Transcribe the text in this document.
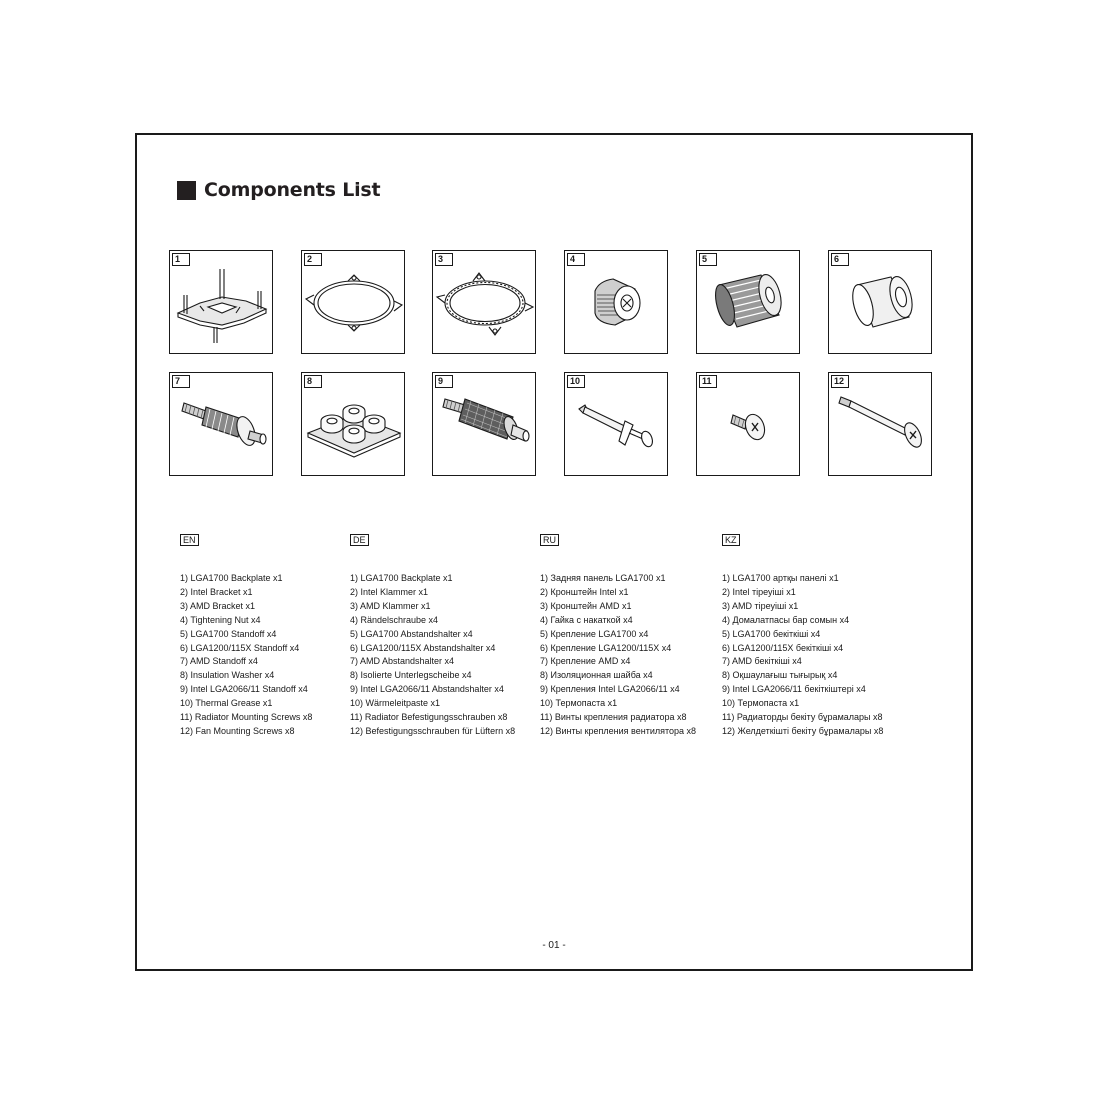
Components List
1	2	3	4	5	6
7	8	9	10	11	12
EN
1) LGA1700 Backplate x1
2) Intel Bracket x1
3) AMD Bracket x1
4) Tightening Nut x4
5) LGA1700 Standoff x4
6) LGA1200/115X Standoff x4
7) AMD Standoff x4
8) Insulation Washer x4
9) Intel LGA2066/11 Standoff x4
10) Thermal Grease x1
11) Radiator Mounting Screws x8
12) Fan Mounting Screws x8
DE
1) LGA1700 Backplate x1
2) Intel Klammer x1
3) AMD Klammer x1
4) Rändelschraube x4
5) LGA1700 Abstandshalter x4
6) LGA1200/115X Abstandshalter x4
7) AMD Abstandshalter x4
8) Isolierte Unterlegscheibe x4
9) Intel LGA2066/11 Abstandshalter x4
10) Wärmeleitpaste x1
11) Radiator Befestigungsschrauben x8
12) Befestigungsschrauben für Lüftern x8
RU
1) Задняя панель LGA1700 x1
2) Кронштейн Intel x1
3) Кронштейн AMD x1
4) Гайка с накаткой x4
5) Крепление LGA1700 x4
6) Крепление LGA1200/115X x4
7) Крепление AMD x4
8) Изоляционная шайба x4
9) Крепления Intel LGA2066/11 x4
10) Термопаста x1
11) Винты крепления радиатора x8
12) Винты крепления вентилятора x8
KZ
1) LGA1700 артқы панелі x1
2) Intel тіреуіші x1
3) AMD тіреуіші x1
4) Домалатпасы бар сомын x4
5) LGA1700 бекіткіші x4
6) LGA1200/115X бекіткіші x4
7) AMD бекіткіші x4
8) Оқшаулағыш тығырық x4
9) Intel LGA2066/11 бекіткіштері x4
10) Термопаста x1
11) Радиаторды бекіту бұрамалары x8
12) Желдеткішті бекіту бұрамалары x8
- 01 -
